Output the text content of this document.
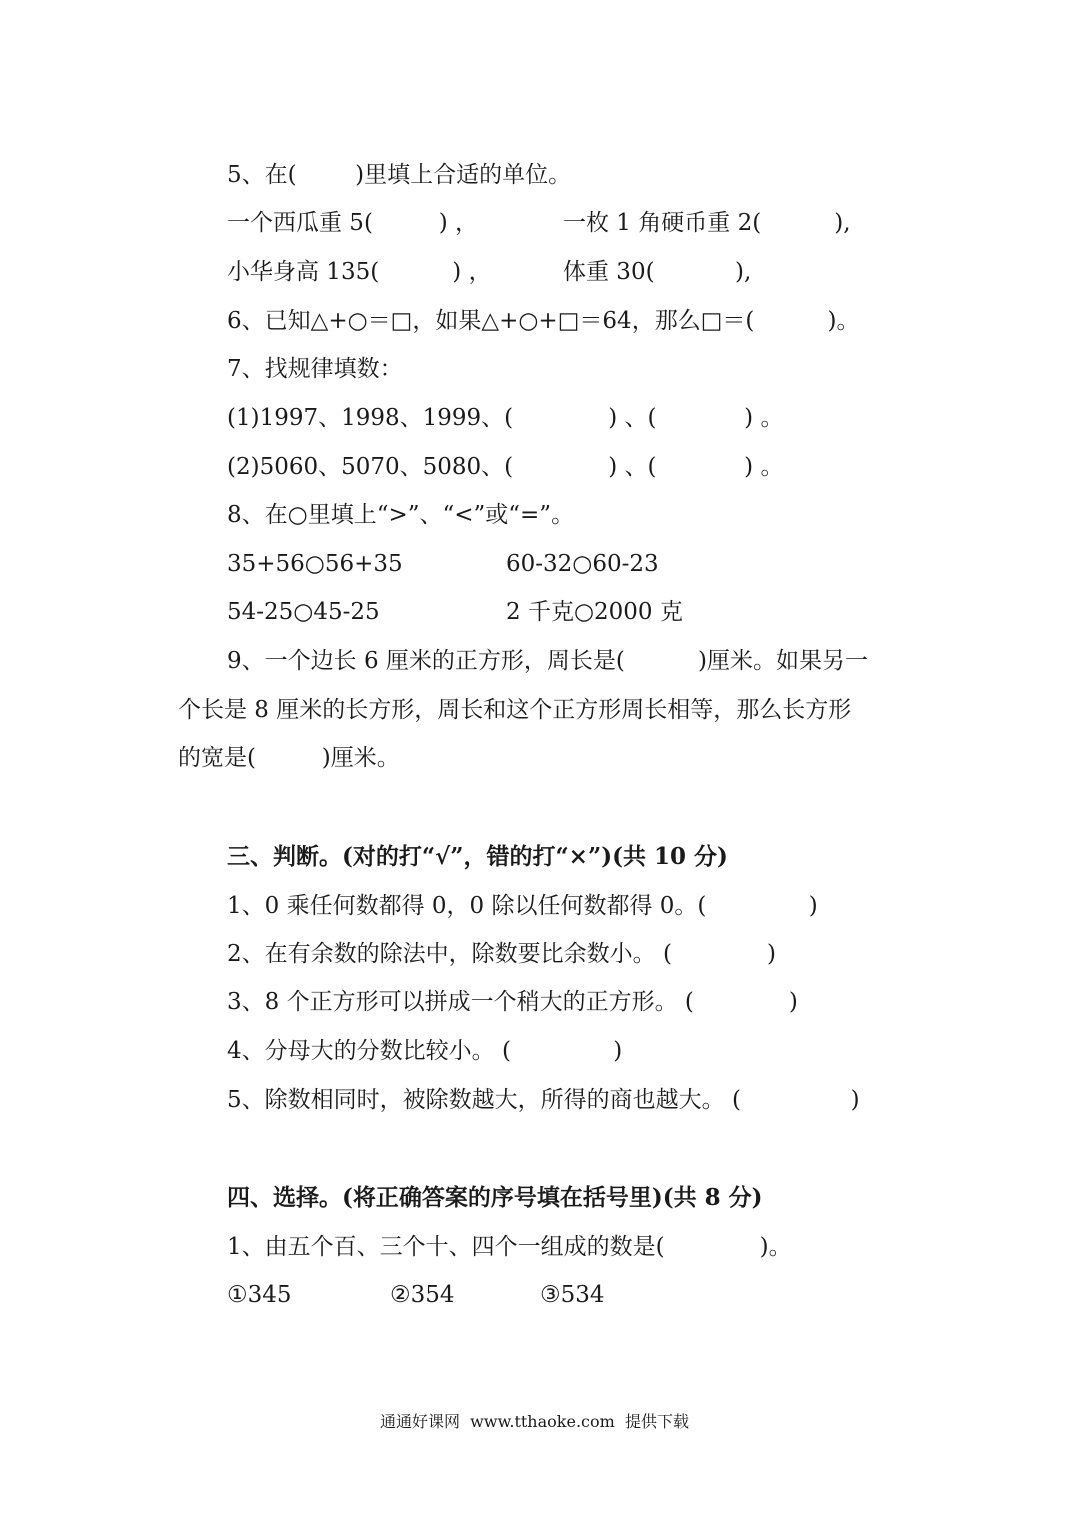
5、在(        )里填上合适的单位。
一个西瓜重 5(         ) ，	一枚 1 角硬币重 2(          ),
小华身高 135(          ) ，	体重 30(           ),
6、已知△+○＝□，如果△+○+□＝64，那么□＝(          )。
7、找规律填数：
(1)1997、1998、1999、(             ) 、(            ) 。
(2)5060、5070、5080、(             ) 、(            ) 。
8、在○里填上“>”、“<”或“=”。
35+56○56+35	60-32○60-23
54-25○45-25	2 千克○2000 克
9、一个边长 6 厘米的正方形，周长是(          )厘米。如果另一
个长是 8 厘米的长方形，周长和这个正方形周长相等，那么长方形
的宽是(         )厘米。
三、判断。(对的打“√”，错的打“×”)(共 10 分)
1、0 乘任何数都得 0，0 除以任何数都得 0。(              )
2、在有余数的除法中，除数要比余数小。 (             )
3、8 个正方形可以拼成一个稍大的正方形。 (             )
4、分母大的分数比较小。 (              )
5、除数相同时，被除数越大，所得的商也越大。 (               )
四、选择。(将正确答案的序号填在括号里)(共 8 分)
1、由五个百、三个十、四个一组成的数是(             )。
①345	②354	③534
通通好课网  www.tthaoke.com  提供下载
